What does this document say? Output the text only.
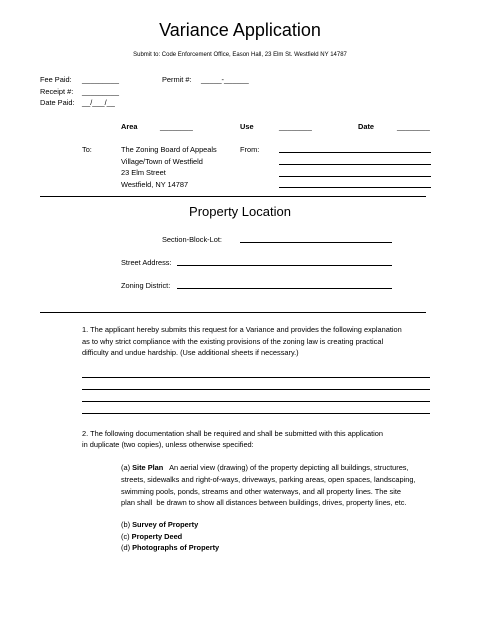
Variance Application
Submit to: Code Enforcement Office, Eason Hall, 23 Elm St. Westfield NY 14787
Fee Paid: _________	Permit #: _____-______
Receipt #: _________
Date Paid: __/___/__
Area	________	Use	________	Date	________
To:	The Zoning Board of Appeals
Village/Town of Westfield
23 Elm Street
Westfield, NY 14787
From:
Property Location
Section-Block-Lot:
Street Address:
Zoning District:
1. The applicant hereby submits this request for a Variance and provides the following explanation
as to why strict compliance with the existing provisions of the zoning law is creating practical
difficulty and undue hardship. (Use additional sheets if necessary.)
2. The following documentation shall be required and shall be submitted with this application
in duplicate (two copies), unless otherwise specified:
(a) Site Plan   An aerial view (drawing) of the property depicting all buildings, structures,
streets, sidewalks and right-of-ways, driveways, parking areas, open spaces, landscaping,
swimming pools, ponds, streams and other waterways, and all property lines. The site
plan shall  be drawn to show all distances between buildings, drives, property lines, etc.
(b) Survey of Property
(c) Property Deed
(d) Photographs of Property
